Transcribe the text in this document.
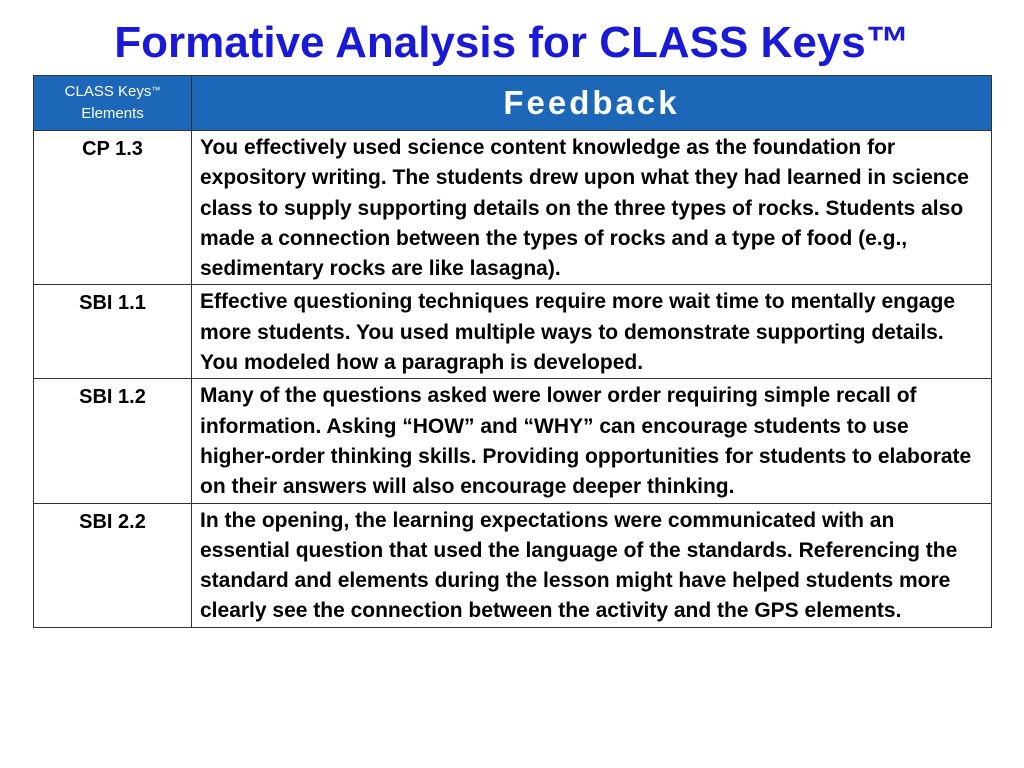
Formative Analysis for CLASS Keys™
CLASS Keys™
Elements	Feedback
CP 1.3	You effectively used science content knowledge as the foundation for expository writing. The students drew upon what they had learned in science class to supply supporting details on the three types of rocks. Students also made a connection between the types of rocks and a type of food (e.g., sedimentary rocks are like lasagna).
SBI 1.1	Effective questioning techniques require more wait time to mentally engage more students. You used multiple ways to demonstrate supporting details. You modeled how a paragraph is developed.
SBI 1.2	Many of the questions asked were lower order requiring simple recall of information. Asking “HOW” and “WHY” can encourage students to use higher-order thinking skills. Providing opportunities for students to elaborate on their answers will also encourage deeper thinking.
SBI 2.2	In the opening, the learning expectations were communicated with an essential question that used the language of the standards. Referencing the standard and elements during the lesson might have helped students more clearly see the connection between the activity and the GPS elements.
